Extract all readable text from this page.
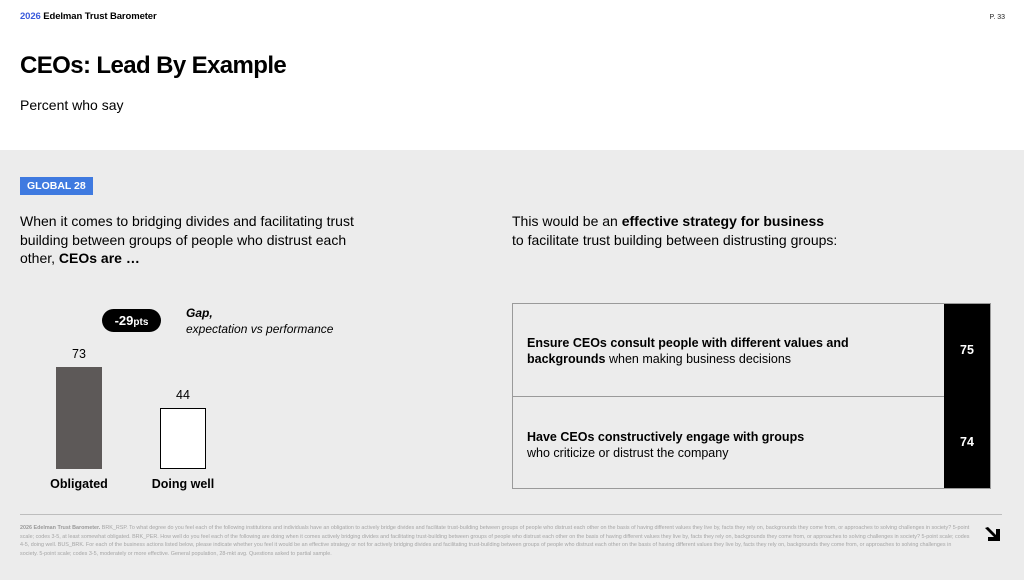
2026 Edelman Trust Barometer	P. 33
CEOs: Lead By Example
Percent who say
GLOBAL 28
When it comes to bridging divides and facilitating trust building between groups of people who distrust each other, CEOs are …
This would be an effective strategy for business
to facilitate trust building between distrusting groups:
-29pts
Gap,
expectation vs performance
73
Obligated
44
Doing well
Ensure CEOs consult people with different values and backgrounds when making business decisions
Have CEOs constructively engage with groups
who criticize or distrust the company
75
74
2026 Edelman Trust Barometer. BRK_RSP. To what degree do you feel each of the following institutions and individuals have an obligation to actively bridge divides and facilitate trust-building between groups of people who distrust each other on the basis of having different values they live by, facts they rely on, backgrounds they come from, or approaches to solving challenges in society? 5-point scale; codes 3-5, at least somewhat obligated. BRK_PER. How well do you feel each of the following are doing when it comes actively bridging divides and facilitating trust-building between groups of people who distrust each other on the basis of having different values they live by, facts they rely on, backgrounds they come from, or approaches to solving challenges in society? 5-point scale; codes 4-5, doing well. BUS_BRK. For each of the business actions listed below, please indicate whether you feel it would be an effective strategy or not for actively bridging divides and facilitating trust-building between groups of people who distrust each other on the basis of having different values they live by, facts they rely on, backgrounds they come from, or approaches to solving challenges in society. 5-point scale; codes 3-5, moderately or more effective. General population, 28-mkt avg. Questions asked to partial sample.
